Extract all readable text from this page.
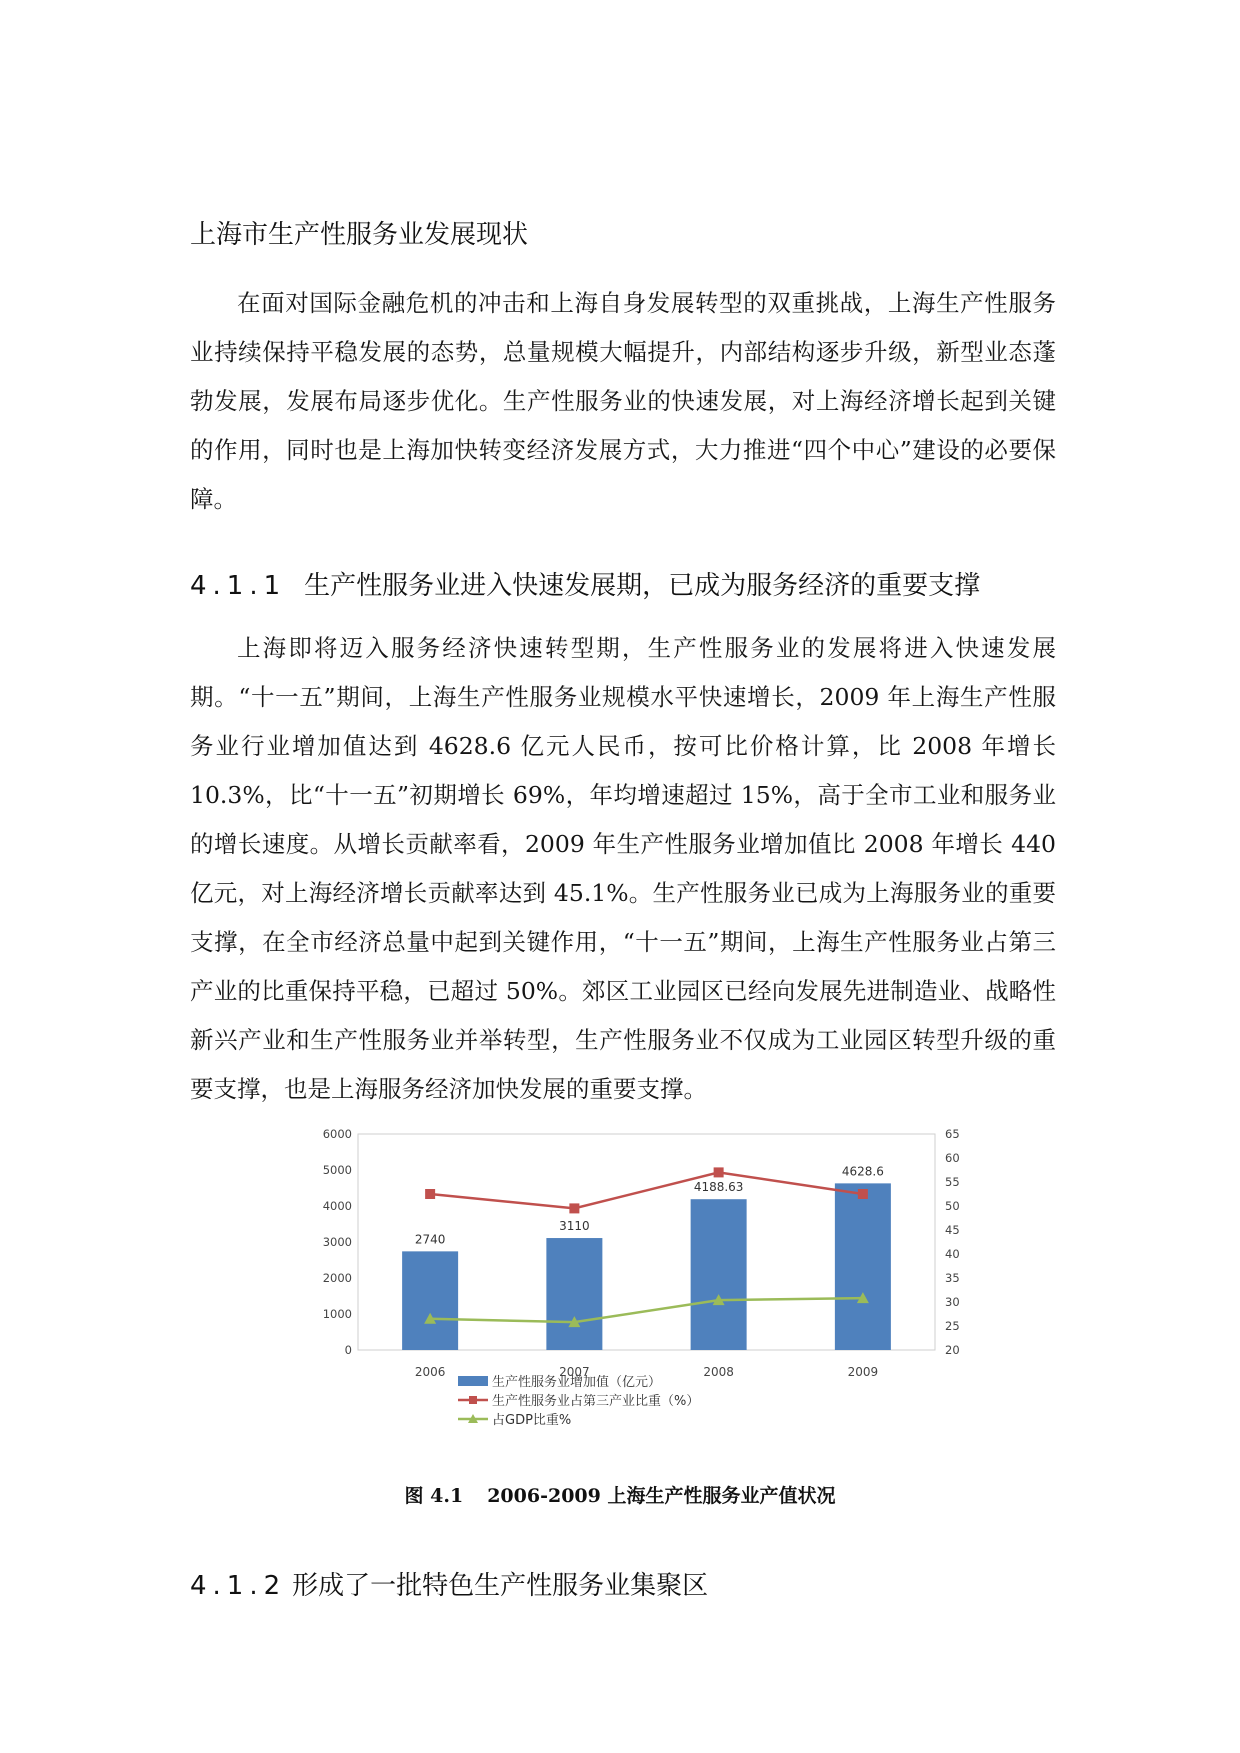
上海市生产性服务业发展现状

在面对国际金融危机的冲击和上海自身发展转型的双重挑战，上海生产性服务业持续保持平稳发展的态势，总量规模大幅提升，内部结构逐步升级，新型业态蓬勃发展，发展布局逐步优化。生产性服务业的快速发展，对上海经济增长起到关键的作用，同时也是上海加快转变经济发展方式，大力推进“四个中心”建设的必要保障。

4.1.1 生产性服务业进入快速发展期，已成为服务经济的重要支撑

上海即将迈入服务经济快速转型期，生产性服务业的发展将进入快速发展期。“十一五”期间，上海生产性服务业规模水平快速增长，2009 年上海生产性服务业行业增加值达到 4628.6 亿元人民币，按可比价格计算，比 2008 年增长 10.3%，比“十一五”初期增长 69%，年均增速超过 15%，高于全市工业和服务业的增长速度。从增长贡献率看，2009 年生产性服务业增加值比 2008 年增长 440 亿元，对上海经济增长贡献率达到 45.1%。生产性服务业已成为上海服务业的重要支撑，在全市经济总量中起到关键作用，“十一五”期间，上海生产性服务业占第三产业的比重保持平稳，已超过 50%。郊区工业园区已经向发展先进制造业、战略性新兴产业和生产性服务业并举转型，生产性服务业不仅成为工业园区转型升级的重要支撑，也是上海服务经济加快发展的重要支撑。

0
1000
2000
3000
4000
5000
6000
20
25
30
35
40
45
50
55
60
65
2006	2007	2008	2009
2740
3110
4188.63
4628.6
生产性服务业增加值（亿元）
生产性服务业占第三产业比重（%）
占GDP比重%
图 4.1 2006-2009 上海生产性服务业产值状况
4.1.2 形成了一批特色生产性服务业集聚区
